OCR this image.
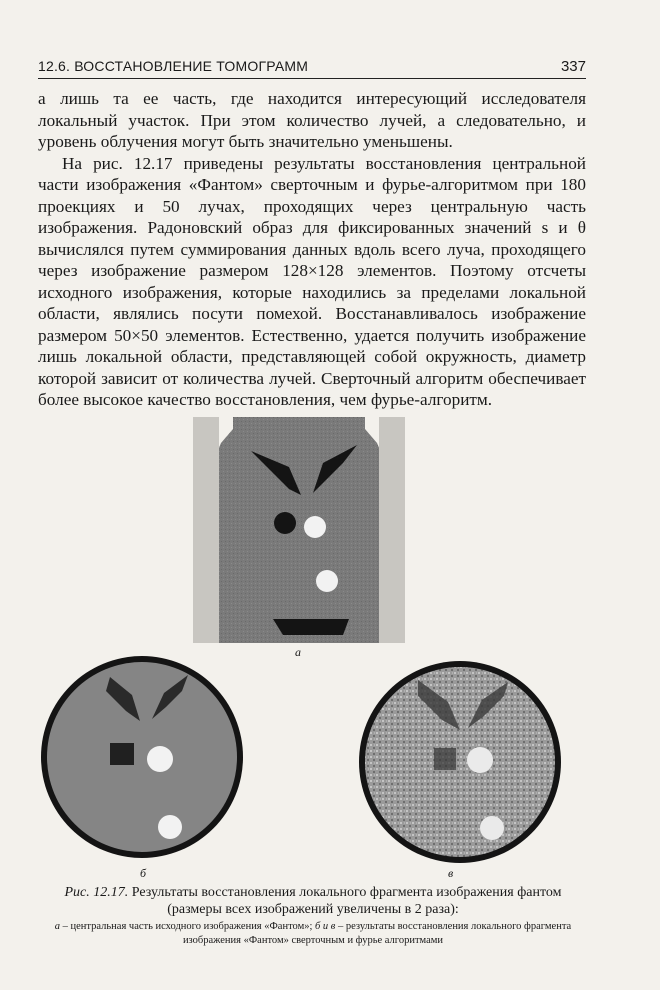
12.6. ВОССТАНОВЛЕНИЕ ТОМОГРАММ	337

а лишь та ее часть, где находится интересующий исследователя локальный участок. При этом количество лучей, а следовательно, и уровень облучения могут быть значительно уменьшены.

На рис. 12.17 приведены результаты восстановления центральной части изображения «Фантом» сверточным и фурье-алгоритмом при 180 проекциях и 50 лучах, проходящих через центральную часть изображения. Радоновский образ для фиксированных значений s и θ вычислялся путем суммирования данных вдоль всего луча, проходящего через изображение размером 128×128 элементов. Поэтому отсчеты исходного изображения, которые находились за пределами локальной области, являлись посути помехой. Восстанавливалось изображение размером 50×50 элементов. Естественно, удается получить изображение лишь локальной области, представляющей собой окружность, диаметр которой зависит от количества лучей. Сверточный алгоритм обеспечивает более высокое качество восстановления, чем фурье-алгоритм.

а
б	в
Рис. 12.17. Результаты восстановления локального фрагмента изображения фантом (размеры всех изображений увеличены в 2 раза):
а – центральная часть исходного изображения «Фантом»; б и в – результаты восстановления локального фрагмента изображения «Фантом» сверточным и фурье алгоритмами
